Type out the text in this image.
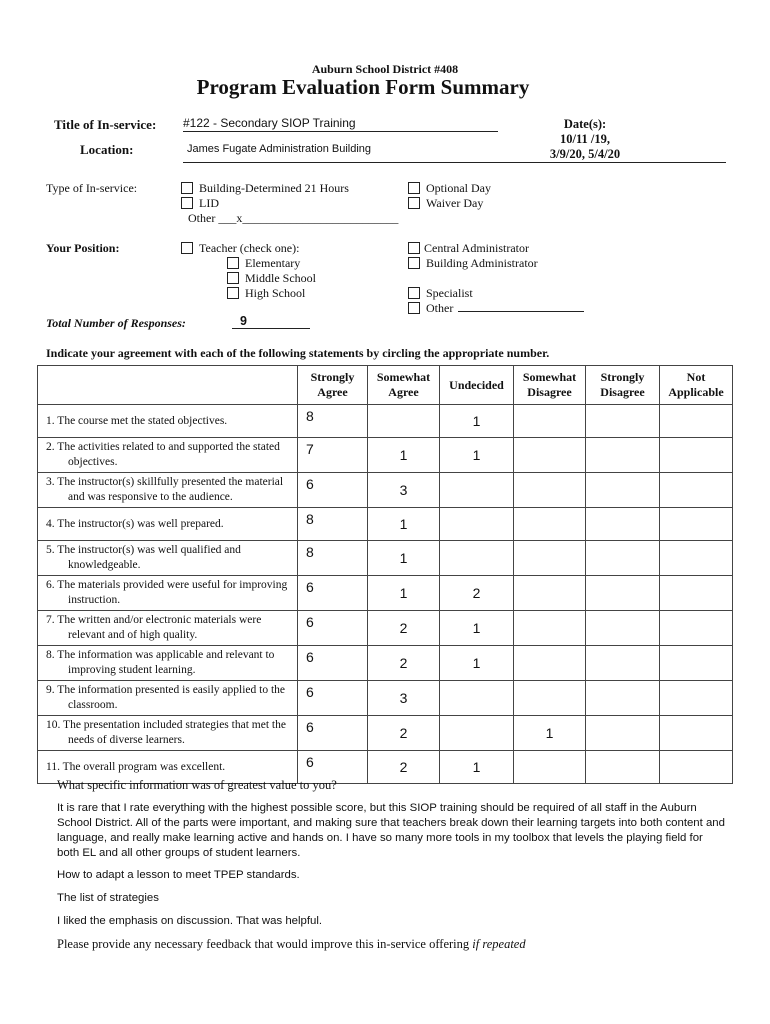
Auburn School District #408
Program Evaluation Form Summary
Title of In-service: #122 - Secondary SIOP Training
Location:	James Fugate Administration Building
Date(s):
10/11 /19,
3/9/20, 5/4/20
Type of In-service:	Building-Determined 21 Hours
LID
Other ___x__________________________
Optional Day
Waiver Day
Your Position:	Teacher (check one):
Elementary
Middle School
High School
Central Administrator
Building Administrator
Specialist
Other
Total Number of Responses:	9
Indicate your agreement with each of the following statements by circling the appropriate number.
	Strongly Agree	Somewhat Agree	Undecided	Somewhat Disagree	Strongly Disagree	Not Applicable
1. The course met the stated objectives.	8		1			
2. The activities related to and supported the stated objectives.	7	1	1			
3. The instructor(s) skillfully presented the material and was responsive to the audience.	6	3				
4. The instructor(s) was well prepared.	8	1				
5. The instructor(s) was well qualified and knowledgeable.	8	1				
6. The materials provided were useful for improving instruction.	6	1	2			
7. The written and/or electronic materials were relevant and of high quality.	6	2	1			
8. The information was applicable and relevant to improving student learning.	6	2	1			
9. The information presented is easily applied to the classroom.	6	3				
10. The presentation included strategies that met the needs of diverse learners.	6	2		1		
11. The overall program was excellent.	6	2	1			
What specific information was of greatest value to you?
It is rare that I rate everything with the highest possible score, but this SIOP training should be required of all staff in the Auburn School District. All of the parts were important, and making sure that teachers break down their learning targets into both content and language, and really make learning active and hands on. I have so many more tools in my toolbox that levels the playing field for both EL and all other groups of student learners.
How to adapt a lesson to meet TPEP standards.
The list of strategies
I liked the emphasis on discussion. That was helpful.
Please provide any necessary feedback that would improve this in-service offering if repeated
